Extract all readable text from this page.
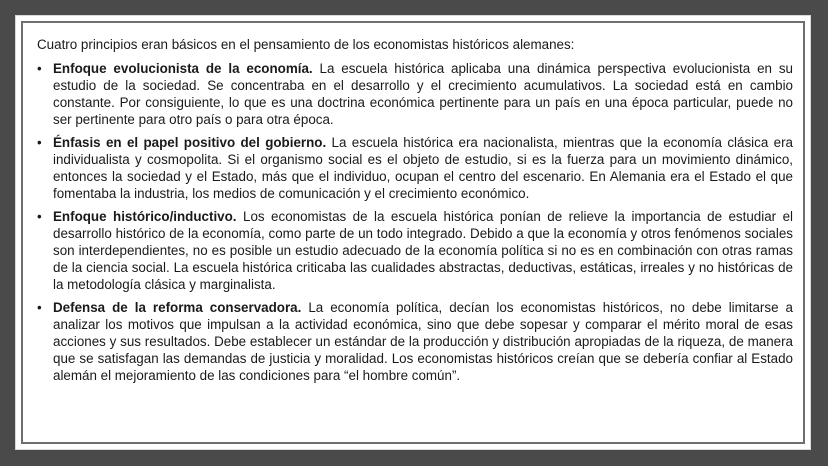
Cuatro principios eran básicos en el pensamiento de los economistas históricos alemanes:

• Enfoque evolucionista de la economía. La escuela histórica aplicaba una dinámica perspectiva evolucionista en su estudio de la sociedad. Se concentraba en el desarrollo y el crecimiento acumulativos. La sociedad está en cambio constante. Por consiguiente, lo que es una doctrina económica pertinente para un país en una época particular, puede no ser pertinente para otro país o para otra época.
• Énfasis en el papel positivo del gobierno. La escuela histórica era nacionalista, mientras que la economía clásica era individualista y cosmopolita. Si el organismo social es el objeto de estudio, si es la fuerza para un movimiento dinámico, entonces la sociedad y el Estado, más que el individuo, ocupan el centro del escenario. En Alemania era el Estado el que fomentaba la industria, los medios de comunicación y el crecimiento económico.
• Enfoque histórico/inductivo. Los economistas de la escuela histórica ponían de relieve la importancia de estudiar el desarrollo histórico de la economía, como parte de un todo integrado. Debido a que la economía y otros fenómenos sociales son interdependientes, no es posible un estudio adecuado de la economía política si no es en combinación con otras ramas de la ciencia social. La escuela histórica criticaba las cualidades abstractas, deductivas, estáticas, irreales y no históricas de la metodología clásica y marginalista.
• Defensa de la reforma conservadora. La economía política, decían los economistas históricos, no debe limitarse a analizar los motivos que impulsan a la actividad económica, sino que debe sopesar y comparar el mérito moral de esas acciones y sus resultados. Debe establecer un estándar de la producción y distribución apropiadas de la riqueza, de manera que se satisfagan las demandas de justicia y moralidad. Los economistas históricos creían que se debería confiar al Estado alemán el mejoramiento de las condiciones para “el hombre común”.
